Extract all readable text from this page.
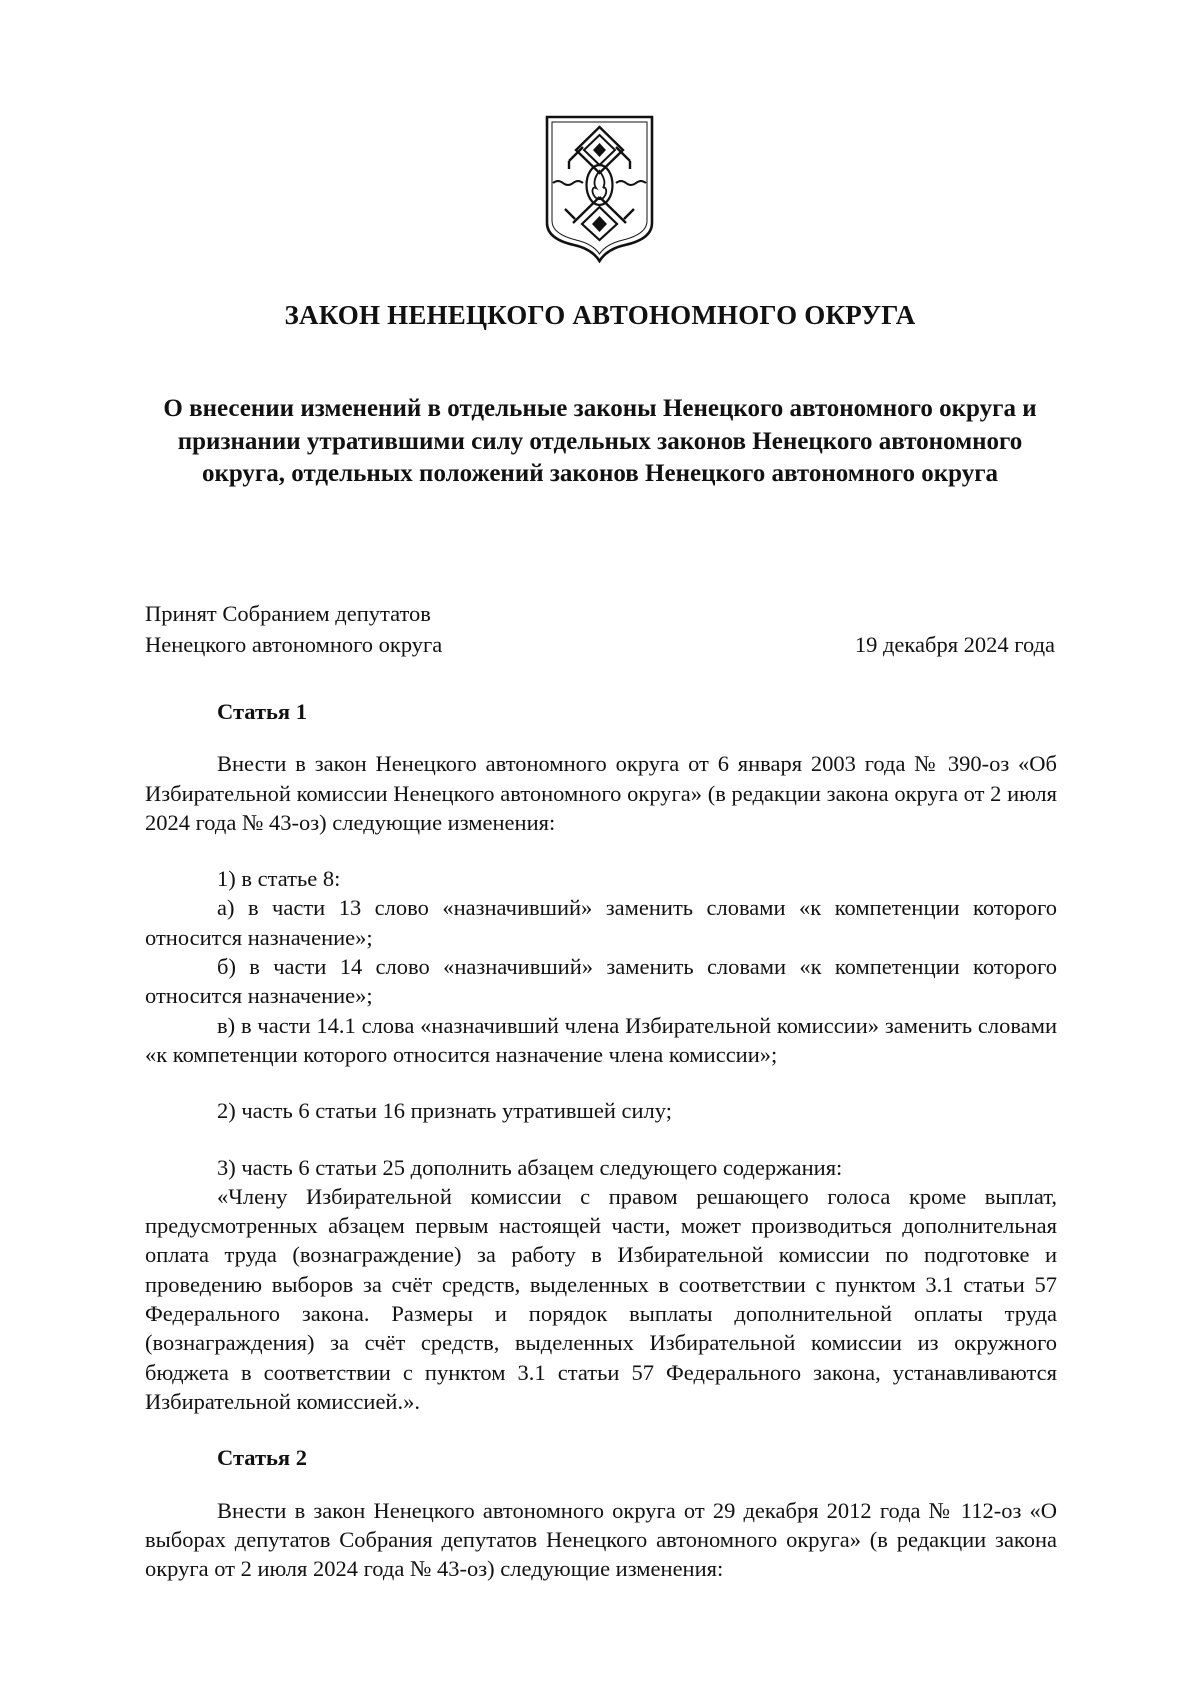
ЗАКОН НЕНЕЦКОГО АВТОНОМНОГО ОКРУГА
О внесении изменений в отдельные законы Ненецкого автономного округа и признании утратившими силу отдельных законов Ненецкого автономного округа, отдельных положений законов Ненецкого автономного округа
Принят Собранием депутатов
Ненецкого автономного округа	19 декабря 2024 года

Статья 1

Внести в закон Ненецкого автономного округа от 6 января 2003 года № 390-оз «Об Избирательной комиссии Ненецкого автономного округа» (в редакции закона округа от 2 июля 2024 года № 43-оз) следующие изменения:

1) в статье 8:

а) в части 13 слово «назначивший» заменить словами «к компетенции которого относится назначение»;

б) в части 14 слово «назначивший» заменить словами «к компетенции которого относится назначение»;

в) в части 14.1 слова «назначивший члена Избирательной комиссии» заменить словами «к компетенции которого относится назначение члена комиссии»;

2) часть 6 статьи 16 признать утратившей силу;

3) часть 6 статьи 25 дополнить абзацем следующего содержания:

«Члену Избирательной комиссии с правом решающего голоса кроме выплат, предусмотренных абзацем первым настоящей части, может производиться дополнительная оплата труда (вознаграждение) за работу в Избирательной комиссии по подготовке и проведению выборов за счёт средств, выделенных в соответствии с пунктом 3.1 статьи 57 Федерального закона. Размеры и порядок выплаты дополнительной оплаты труда (вознаграждения) за счёт средств, выделенных Избирательной комиссии из окружного бюджета в соответствии с пунктом 3.1 статьи 57 Федерального закона, устанавливаются Избирательной комиссией.».

Статья 2

Внести в закон Ненецкого автономного округа от 29 декабря 2012 года № 112-оз «О выборах депутатов Собрания депутатов Ненецкого автономного округа» (в редакции закона округа от 2 июля 2024 года № 43-оз) следующие изменения:
